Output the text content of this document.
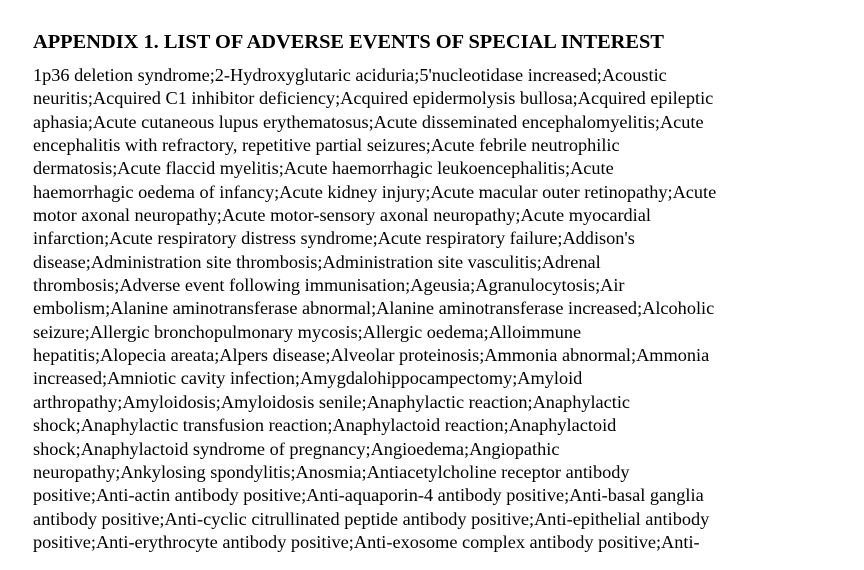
APPENDIX 1. LIST OF ADVERSE EVENTS OF SPECIAL INTEREST
1p36 deletion syndrome;2-Hydroxyglutaric aciduria;5'nucleotidase increased;Acoustic
neuritis;Acquired C1 inhibitor deficiency;Acquired epidermolysis bullosa;Acquired epileptic
aphasia;Acute cutaneous lupus erythematosus;Acute disseminated encephalomyelitis;Acute
encephalitis with refractory, repetitive partial seizures;Acute febrile neutrophilic
dermatosis;Acute flaccid myelitis;Acute haemorrhagic leukoencephalitis;Acute
haemorrhagic oedema of infancy;Acute kidney injury;Acute macular outer retinopathy;Acute
motor axonal neuropathy;Acute motor-sensory axonal neuropathy;Acute myocardial
infarction;Acute respiratory distress syndrome;Acute respiratory failure;Addison's
disease;Administration site thrombosis;Administration site vasculitis;Adrenal
thrombosis;Adverse event following immunisation;Ageusia;Agranulocytosis;Air
embolism;Alanine aminotransferase abnormal;Alanine aminotransferase increased;Alcoholic
seizure;Allergic bronchopulmonary mycosis;Allergic oedema;Alloimmune
hepatitis;Alopecia areata;Alpers disease;Alveolar proteinosis;Ammonia abnormal;Ammonia
increased;Amniotic cavity infection;Amygdalohippocampectomy;Amyloid
arthropathy;Amyloidosis;Amyloidosis senile;Anaphylactic reaction;Anaphylactic
shock;Anaphylactic transfusion reaction;Anaphylactoid reaction;Anaphylactoid
shock;Anaphylactoid syndrome of pregnancy;Angioedema;Angiopathic
neuropathy;Ankylosing spondylitis;Anosmia;Antiacetylcholine receptor antibody
positive;Anti-actin antibody positive;Anti-aquaporin-4 antibody positive;Anti-basal ganglia
antibody positive;Anti-cyclic citrullinated peptide antibody positive;Anti-epithelial antibody
positive;Anti-erythrocyte antibody positive;Anti-exosome complex antibody positive;Anti-
